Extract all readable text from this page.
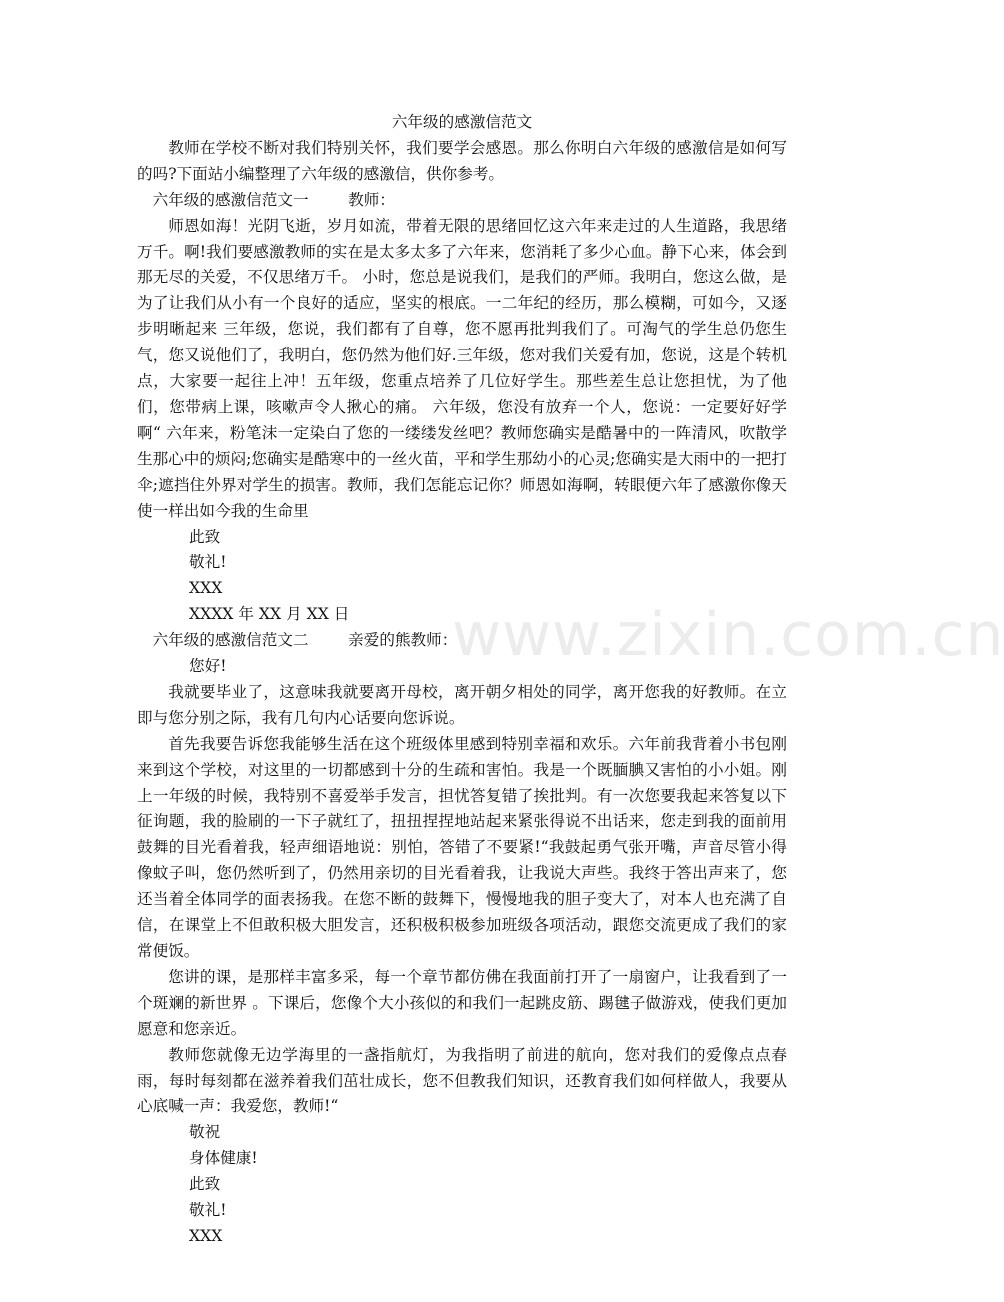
六年级的感激信范文

教师在学校不断对我们特别关怀，我们要学会感恩。那么你明白六年级的感激信是如何写的吗?下面站小编整理了六年级的感激信，供你参考。

六年级的感激信范文一        教师：

师恩如海！光阴飞逝，岁月如流，带着无限的思绪回忆这六年来走过的人生道路，我思绪万千。啊!我们要感激教师的实在是太多太多了六年来，您消耗了多少心血。静下心来，体会到那无尽的关爱，不仅思绪万千。 小时，您总是说我们，是我们的严师。我明白，您这么做，是为了让我们从小有一个良好的适应，坚实的根底。一二年纪的经历，那么模糊，可如今，又逐步明晰起来 三年级，您说，我们都有了自尊，您不愿再批判我们了。可淘气的学生总仍您生气，您又说他们了，我明白，您仍然为他们好.三年级，您对我们关爱有加，您说，这是个转机点，大家要一起往上冲！五年级，您重点培养了几位好学生。那些差生总让您担忧，为了他们，您带病上课，咳嗽声令人揪心的痛。 六年级，您没有放弃一个人，您说：一定要好好学啊“ 六年来，粉笔沫一定染白了您的一缕缕发丝吧？教师您确实是酷暑中的一阵清风，吹散学生那心中的烦闷;您确实是酷寒中的一丝火苗，平和学生那幼小的心灵;您确实是大雨中的一把打伞;遮挡住外界对学生的损害。教师，我们怎能忘记你？师恩如海啊，转眼便六年了感激你像天使一样出如今我的生命里

此致

敬礼!

XXX

XXXX 年 XX 月 XX 日

六年级的感激信范文二        亲爱的熊教师：

您好!

我就要毕业了，这意味我就要离开母校，离开朝夕相处的同学，离开您我的好教师。在立即与您分别之际，我有几句内心话要向您诉说。

首先我要告诉您我能够生活在这个班级体里感到特别幸福和欢乐。六年前我背着小书包刚来到这个学校，对这里的一切都感到十分的生疏和害怕。我是一个既腼腆又害怕的小小姐。刚上一年级的时候，我特别不喜爱举手发言，担忧答复错了挨批判。有一次您要我起来答复以下征询题，我的脸刷的一下子就红了，扭扭捏捏地站起来紧张得说不出话来，您走到我的面前用鼓舞的目光看着我，轻声细语地说：别怕，答错了不要紧!“我鼓起勇气张开嘴，声音尽管小得像蚊子叫，您仍然听到了，仍然用亲切的目光看着我，让我说大声些。我终于答出声来了，您还当着全体同学的面表扬我。在您不断的鼓舞下，慢慢地我的胆子变大了，对本人也充满了自信，在课堂上不但敢积极大胆发言，还积极积极参加班级各项活动，跟您交流更成了我们的家常便饭。

您讲的课，是那样丰富多采，每一个章节都仿佛在我面前打开了一扇窗户，让我看到了一个斑斓的新世界 。下课后，您像个大小孩似的和我们一起跳皮筋、踢毽子做游戏，使我们更加愿意和您亲近。

教师您就像无边学海里的一盏指航灯，为我指明了前进的航向，您对我们的爱像点点春雨，每时每刻都在滋养着我们茁壮成长，您不但教我们知识，还教育我们如何样做人，我要从心底喊一声：我爱您，教师!“

敬祝

身体健康!

此致

敬礼!

XXX

www.zixin.com.cn
